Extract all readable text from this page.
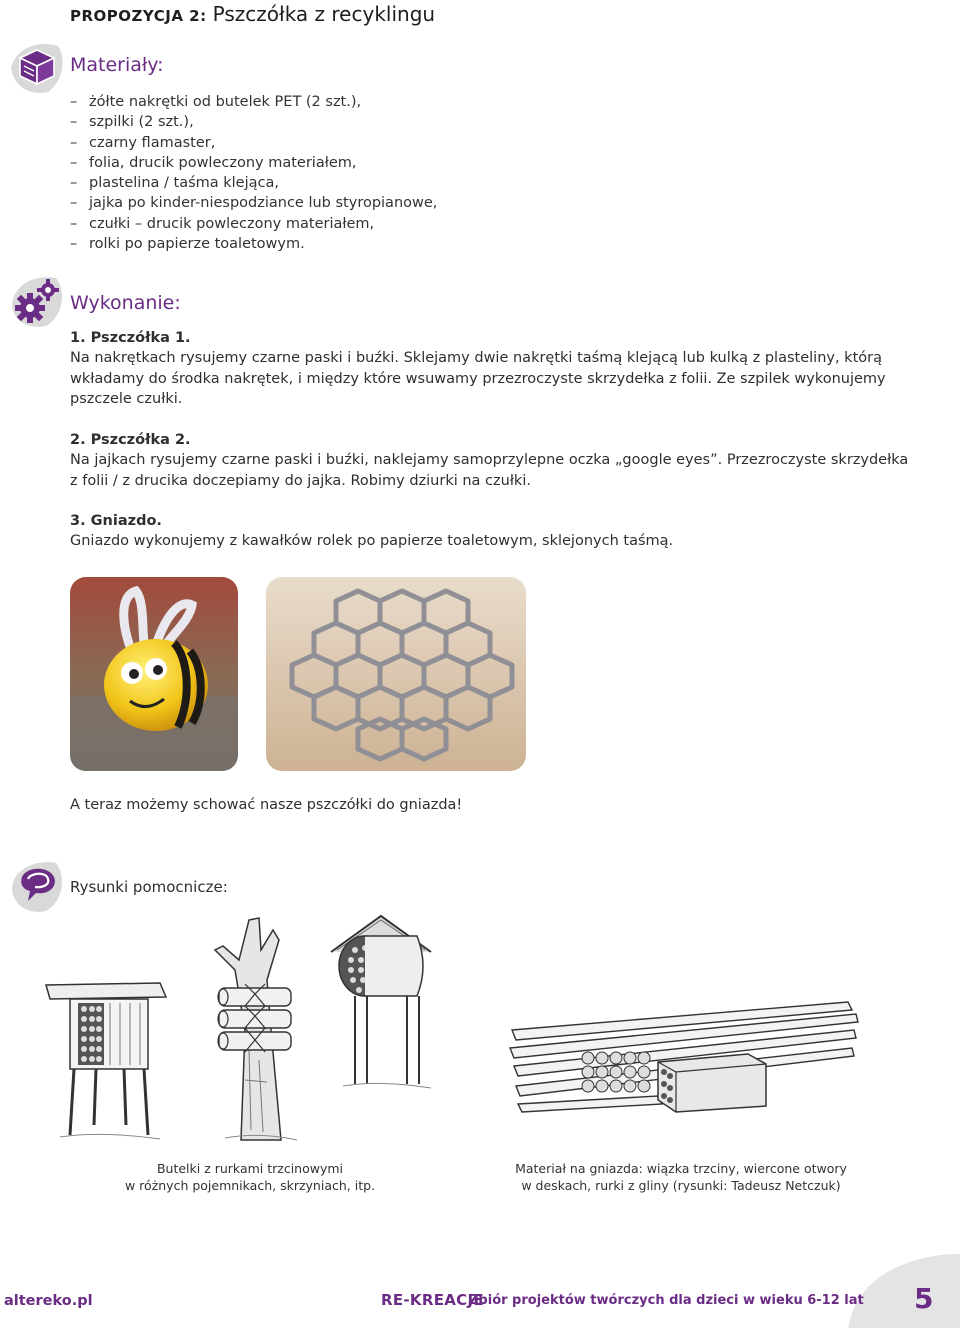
PROPOZYCJA 2: Pszczółka z recyklingu
Materiały:
– żółte nakrętki od butelek PET (2 szt.),
– szpilki (2 szt.),
– czarny flamaster,
– folia, drucik powleczony materiałem,
– plastelina / taśma klejąca,
– jajka po kinder-niespodziance lub styropianowe,
– czułki – drucik powleczony materiałem,
– rolki po papierze toaletowym.
Wykonanie:
1. Pszczółka 1.
Na nakrętkach rysujemy czarne paski i buźki. Sklejamy dwie nakrętki taśmą klejącą lub kulką z plasteliny, którą
wkładamy do środka nakrętek, i między które wsuwamy przezroczyste skrzydełka z folii. Ze szpilek wykonujemy
pszczele czułki.
2. Pszczółka 2.
Na jajkach rysujemy czarne paski i buźki, naklejamy samoprzylepne oczka „google eyes”. Przezroczyste skrzydełka
z folii / z drucika doczepiamy do jajka. Robimy dziurki na czułki.
3. Gniazdo.
Gniazdo wykonujemy z kawałków rolek po papierze toaletowym, sklejonych taśmą.
A teraz możemy schować nasze pszczółki do gniazda!
Rysunki pomocnicze:
Butelki z rurkami trzcinowymi
w różnych pojemnikach, skrzyniach, itp.
Materiał na gniazda: wiązka trzciny, wiercone otwory
w deskach, rurki z gliny (rysunki: Tadeusz Netczuk)
altereko.pl	RE-KREACJE
Zbiór projektów twórczych dla dzieci w wieku 6-12 lat 5
